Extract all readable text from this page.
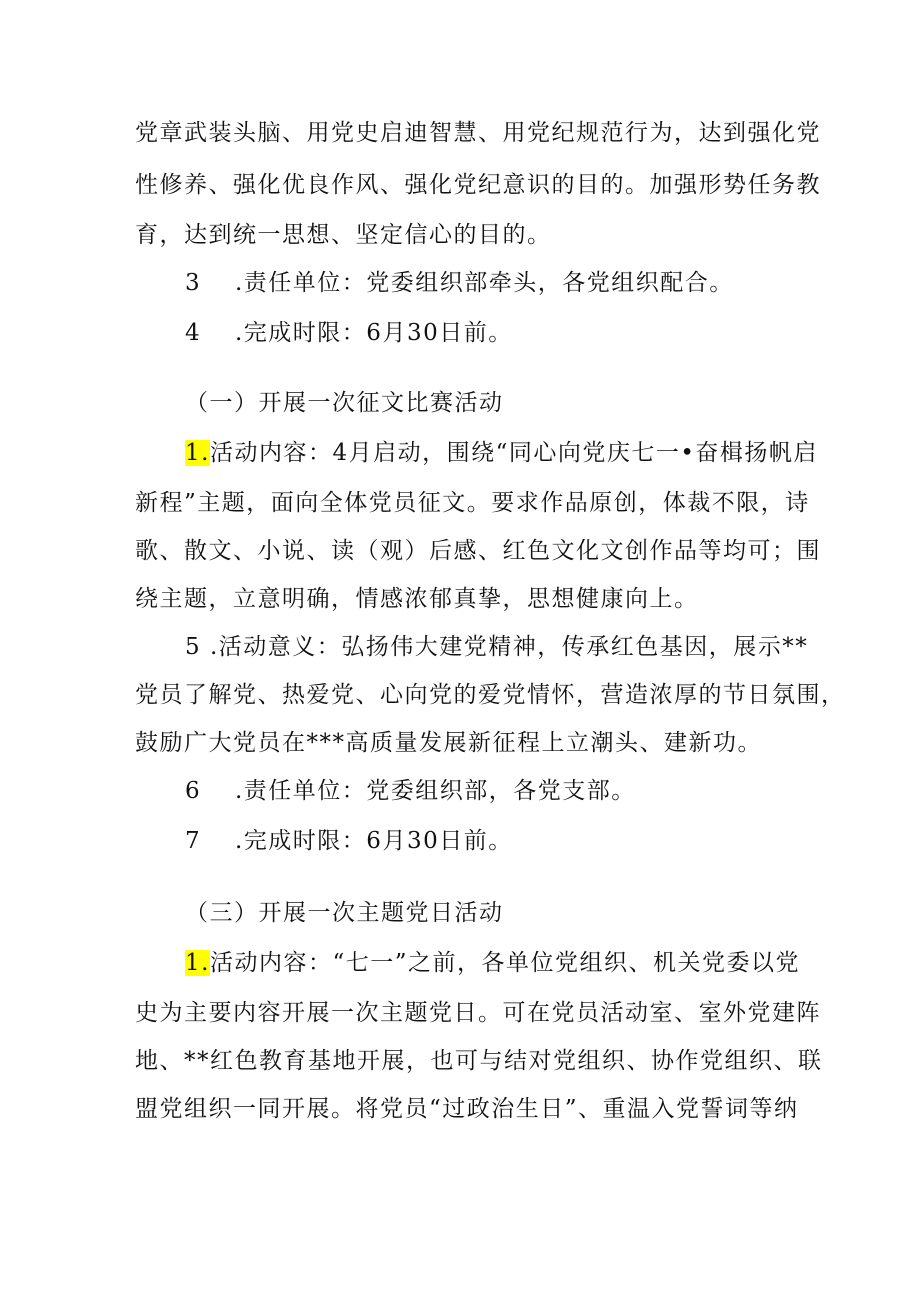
党章武装头脑、用党史启迪智慧、用党纪规范行为，达到强化党
性修养、强化优良作风、强化党纪意识的目的。加强形势任务教
育，达到统一思想、坚定信心的目的。
3 .责任单位：党委组织部牵头，各党组织配合。
4 .完成时限：6月30日前。
（一）开展一次征文比赛活动
1.活动内容：4月启动，围绕“同心向党庆七一•奋楫扬帆启
新程”主题，面向全体党员征文。要求作品原创，体裁不限，诗
歌、散文、小说、读（观）后感、红色文化文创作品等均可；围
绕主题，立意明确，情感浓郁真挚，思想健康向上。
5 .活动意义：弘扬伟大建党精神，传承红色基因，展示**
党员了解党、热爱党、心向党的爱党情怀，营造浓厚的节日氛围，
鼓励广大党员在***高质量发展新征程上立潮头、建新功。
6 .责任单位：党委组织部，各党支部。
7 .完成时限：6月30日前。
（三）开展一次主题党日活动
1.活动内容：“七一”之前，各单位党组织、机关党委以党
史为主要内容开展一次主题党日。可在党员活动室、室外党建阵
地、**红色教育基地开展，也可与结对党组织、协作党组织、联
盟党组织一同开展。将党员“过政治生日”、重温入党誓词等纳
